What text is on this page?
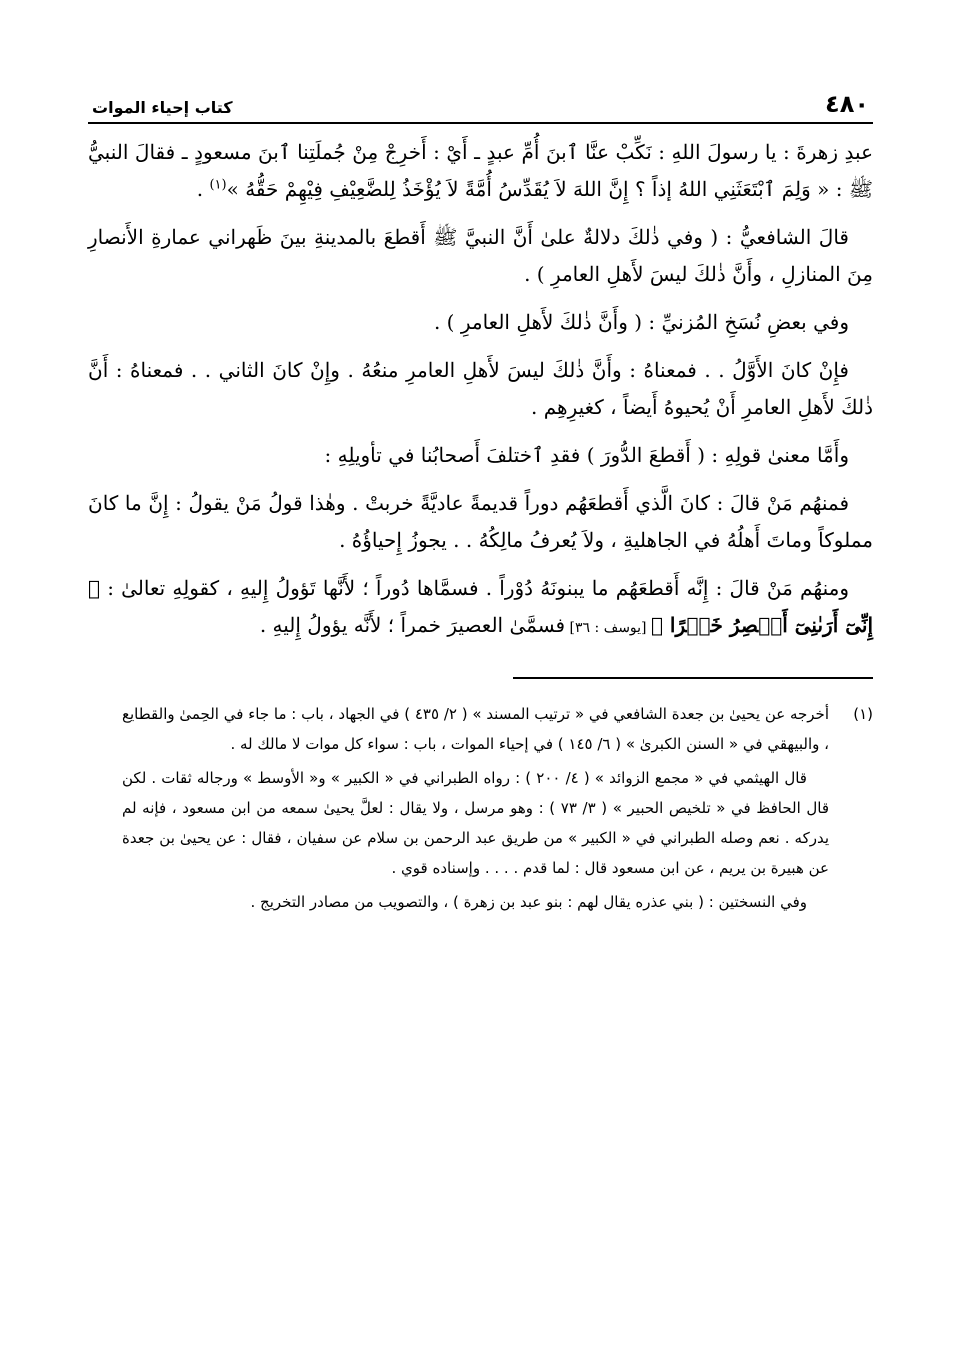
٤٨٠
كتاب إحياء الموات

عبدِ زهرةَ : يا رسولَ اللهِ : نَكِّبْ عنَّا ٱبنَ أُمِّ عبدٍ ـ أَيْ : أَخرِجْ مِنْ جُملَتِنا ٱبنَ مسعودٍ ـ فقالَ النبيُّ ﷺ : « وَلِمَ ٱبْتَعَثَنِي اللهُ إذاً ؟ إِنَّ اللهَ لاَ يُقَدِّسُ أُمَّةً لاَ يُؤْخَذُ لِلضَّعِيْفِ فِيْهِمْ حَقُّهُ »$^{(١)}$ .

قالَ الشافعيُّ : ( وفي ذٰلكَ دلالةٌ علىٰ أَنَّ النبيَّ ﷺ أَقطعَ بالمدينةِ بينَ ظَهراني عمارةِ الأَنصارِ مِنَ المنازلِ ، وأَنَّ ذٰلكَ ليسَ لأَهلِ العامرِ ) .

وفي بعضِ نُسَخِ المُزنيِّ : ( وأَنَّ ذٰلكَ لأَهلِ العامرِ ) .

فإِنْ كانَ الأَوَّلُ . . فمعناهُ : وأَنَّ ذٰلكَ ليسَ لأَهلِ العامرِ منعُهُ . وإِنْ كانَ الثاني . . فمعناهُ : أَنَّ ذٰلكَ لأَهلِ العامرِ أَنْ يُحيوهُ أَيضاً ، كغيرِهِم .

وأَمَّا معنىٰ قولِهِ : ( أَقطعَ الدُّورَ ) فقدِ ٱختلفَ أَصحابُنا في تأويلِهِ :

فمنهُم مَنْ قالَ : كانَ الَّذي أَقطعَهُم دوراً قديمةً عاديَّةً خربتْ . وهٰذا قولُ مَنْ يقولُ : إِنَّ ما كانَ مملوكاً وماتَ أَهلُهُ في الجاهليةِ ، ولاَ يُعرفُ مالِكُهُ . . يجوزُ إِحياؤُهُ .

ومنهُم مَنْ قالَ : إِنَّه أَقطعَهُم ما يبنونَهُ دُوْراً . فسمَّاها دُوراً ؛ لأَنَّها تَؤولُ إِليهِ ، كقولِهِ تعالىٰ : ﴿ إِنِّىٓ أَرَىٰنِىٓ أَعۡصِرُ خَمۡرًا ﴾ [يوسف : ٣٦] فسمَّىٰ العصيرَ خمراً ؛ لأَنَّه يؤولُ إِليهِ .

(١)

أخرجه عن يحيىٰ بن جعدة الشافعي في « ترتيب المسند » ( ٢/ ٤٣٥ ) في الجهاد ، باب : ما جاء في الحِمىٰ والقطايع ، والبيهقي في « السنن الكبرىٰ » ( ٦/ ١٤٥ ) في إحياء الموات ، باب : سواء كل موات لا مالك له .

قال الهيثمي في « مجمع الزوائد » ( ٤/ ٢٠٠ ) : رواه الطبراني في « الكبير » و« الأوسط » ورجاله ثقات . لكن قال الحافظ في « تلخيص الحبير » ( ٣/ ٧٣ ) : وهو مرسل ، ولا يقال : لعلَّ يحيىٰ سمعه من ابن مسعود ، فإنه لم يدركه . نعم وصله الطبراني في « الكبير » من طريق عبد الرحمن بن سلام عن سفيان ، فقال : عن يحيىٰ بن جعدة عن هبيرة بن يريم ، عن ابن مسعود قال : لما قدم . . . . وإسناده قوي .

وفي النسختين : ( بني عذره يقال لهم : بنو عبد بن زهرة ) ، والتصويب من مصادر التخريج .
